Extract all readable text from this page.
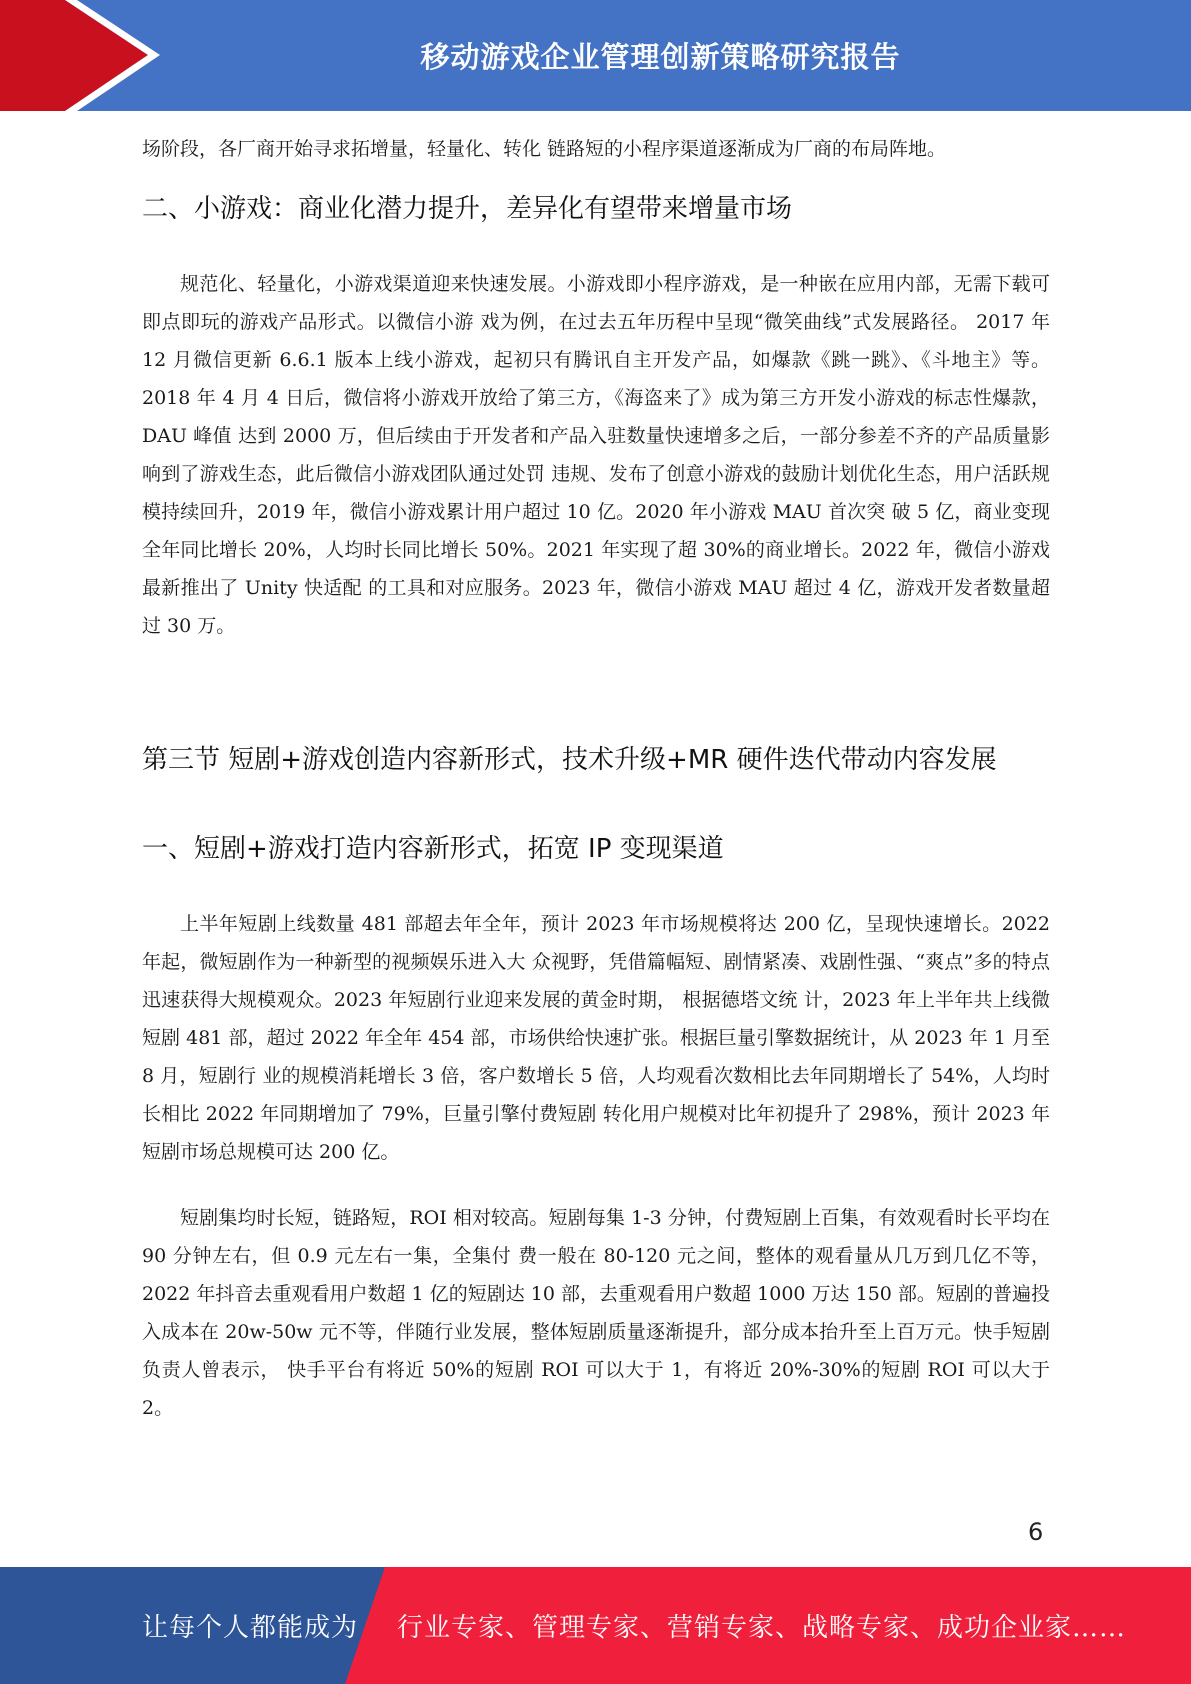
移动游戏企业管理创新策略研究报告

场阶段，各厂商开始寻求拓增量，轻量化、转化 链路短的小程序渠道逐渐成为厂商的布局阵地。

二、小游戏：商业化潜力提升，差异化有望带来增量市场

规范化、轻量化，小游戏渠道迎来快速发展。小游戏即小程序游戏，是一种嵌在应用内部，无需下载可即点即玩的游戏产品形式。以微信小游 戏为例，在过去五年历程中呈现“微笑曲线”式发展路径。 2017 年 12 月微信更新 6.6.1 版本上线小游戏，起初只有腾讯自主开发产品，如爆款《跳一跳》、《斗地主》等。2018 年 4 月 4 日后，微信将小游戏开放给了第三方，《海盗来了》成为第三方开发小游戏的标志性爆款，DAU 峰值 达到 2000 万，但后续由于开发者和产品入驻数量快速增多之后，一部分参差不齐的产品质量影响到了游戏生态，此后微信小游戏团队通过处罚 违规、发布了创意小游戏的鼓励计划优化生态，用户活跃规模持续回升，2019 年，微信小游戏累计用户超过 10 亿。2020 年小游戏 MAU 首次突 破 5 亿，商业变现全年同比增长 20%，人均时长同比增长 50%。2021 年实现了超 30%的商业增长。2022 年，微信小游戏最新推出了 Unity 快适配 的工具和对应服务。2023 年，微信小游戏 MAU 超过 4 亿，游戏开发者数量超过 30 万。

第三节 短剧+游戏创造内容新形式，技术升级+MR 硬件迭代带动内容发展
一、短剧+游戏打造内容新形式，拓宽 IP 变现渠道

上半年短剧上线数量 481 部超去年全年，预计 2023 年市场规模将达 200 亿，呈现快速增长。2022 年起，微短剧作为一种新型的视频娱乐进入大 众视野，凭借篇幅短、剧情紧凑、戏剧性强、“爽点”多的特点迅速获得大规模观众。2023 年短剧行业迎来发展的黄金时期， 根据德塔文统 计，2023 年上半年共上线微短剧 481 部，超过 2022 年全年 454 部，市场供给快速扩张。根据巨量引擎数据统计，从 2023 年 1 月至 8 月，短剧行 业的规模消耗增长 3 倍，客户数增长 5 倍，人均观看次数相比去年同期增长了 54%，人均时长相比 2022 年同期增加了 79%，巨量引擎付费短剧 转化用户规模对比年初提升了 298%，预计 2023 年短剧市场总规模可达 200 亿。

短剧集均时长短，链路短，ROI 相对较高。短剧每集 1-3 分钟，付费短剧上百集，有效观看时长平均在 90 分钟左右，但 0.9 元左右一集，全集付 费一般在 80-120 元之间，整体的观看量从几万到几亿不等，2022 年抖音去重观看用户数超 1 亿的短剧达 10 部，去重观看用户数超 1000 万达 150 部。短剧的普遍投入成本在 20w-50w 元不等，伴随行业发展，整体短剧质量逐渐提升，部分成本抬升至上百万元。快手短剧负责人曾表示， 快手平台有将近 50%的短剧 ROI 可以大于 1，有将近 20%-30%的短剧 ROI 可以大于 2。

6
让每个人都能成为 行业专家、管理专家、营销专家、战略专家、成功企业家……
